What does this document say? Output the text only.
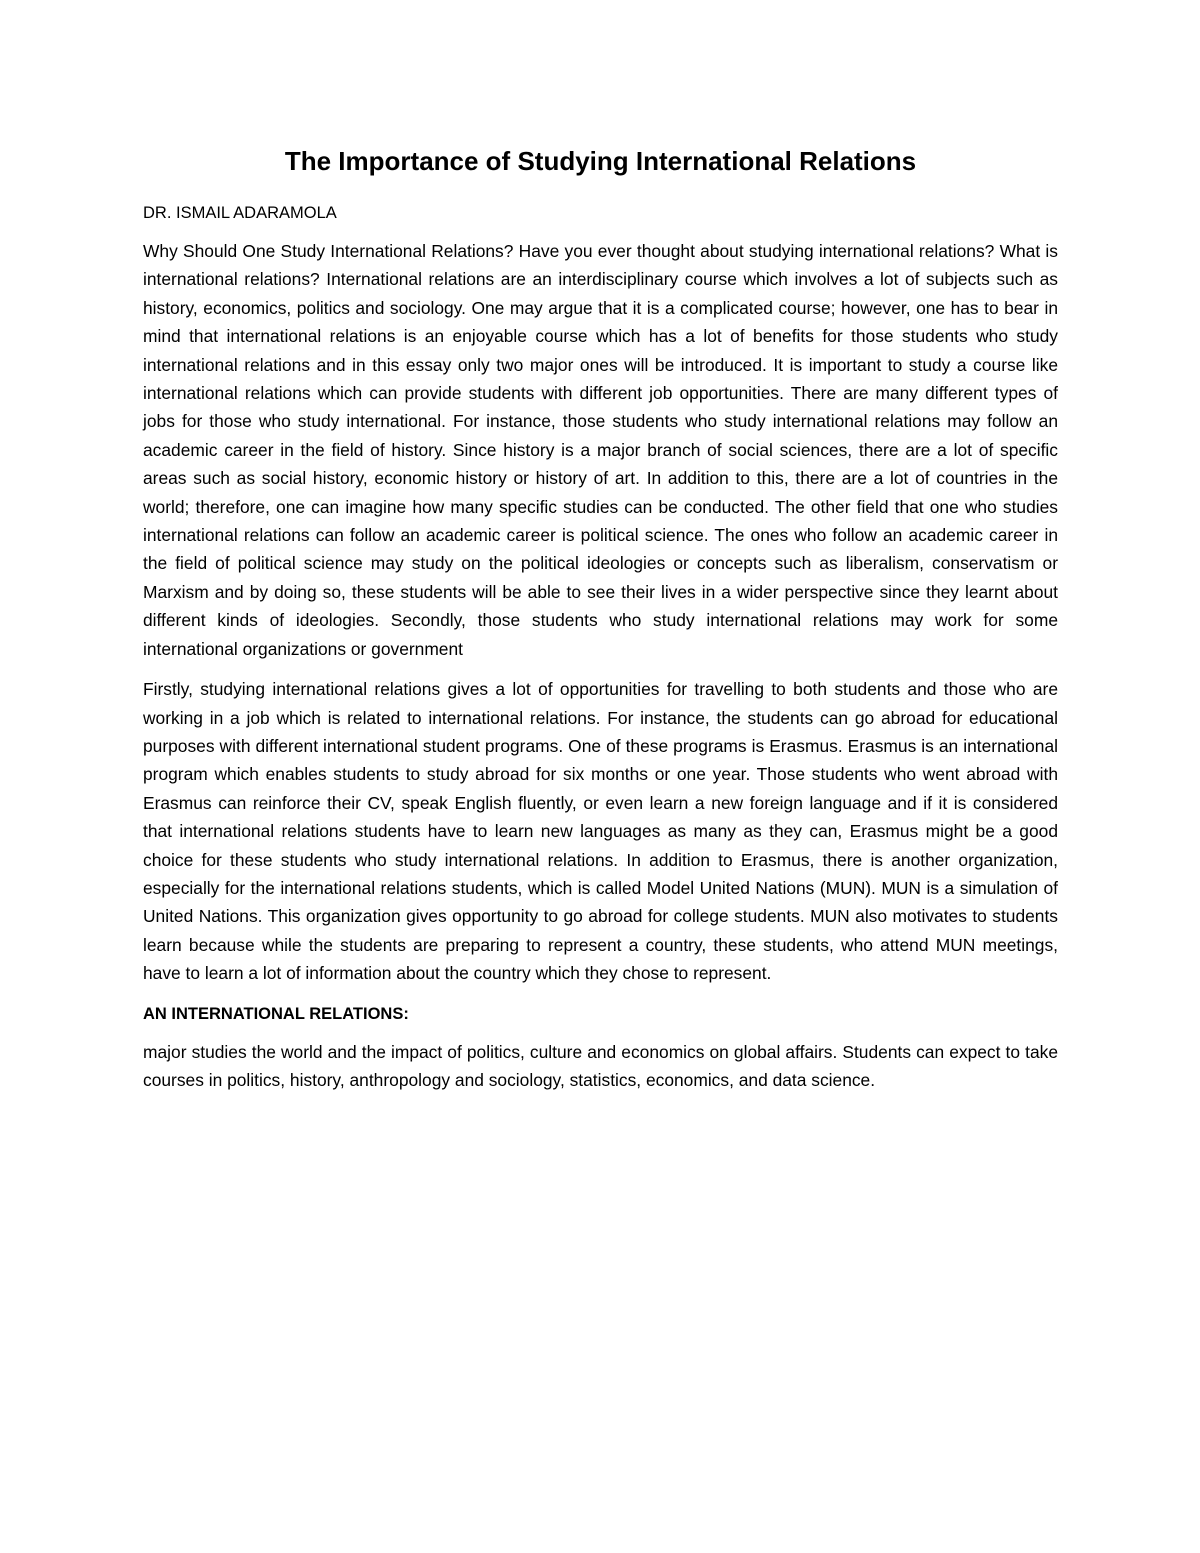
The Importance of Studying International Relations

DR. ISMAIL ADARAMOLA

Why Should One Study International Relations? Have you ever thought about studying international relations? What is international relations? International relations are an interdisciplinary course which involves a lot of subjects such as history, economics, politics and sociology. One may argue that it is a complicated course; however, one has to bear in mind that international relations is an enjoyable course which has a lot of benefits for those students who study international relations and in this essay only two major ones will be introduced. It is important to study a course like international relations which can provide students with different job opportunities. There are many different types of jobs for those who study international. For instance, those students who study international relations may follow an academic career in the field of history. Since history is a major branch of social sciences, there are a lot of specific areas such as social history, economic history or history of art. In addition to this, there are a lot of countries in the world; therefore, one can imagine how many specific studies can be conducted. The other field that one who studies international relations can follow an academic career is political science. The ones who follow an academic career in the field of political science may study on the political ideologies or concepts such as liberalism, conservatism or Marxism and by doing so, these students will be able to see their lives in a wider perspective since they learnt about different kinds of ideologies. Secondly, those students who study international relations may work for some international organizations or government

Firstly, studying international relations gives a lot of opportunities for travelling to both students and those who are working in a job which is related to international relations. For instance, the students can go abroad for educational purposes with different international student programs. One of these programs is Erasmus. Erasmus is an international program which enables students to study abroad for six months or one year. Those students who went abroad with Erasmus can reinforce their CV, speak English fluently, or even learn a new foreign language and if it is considered that international relations students have to learn new languages as many as they can, Erasmus might be a good choice for these students who study international relations. In addition to Erasmus, there is another organization, especially for the international relations students, which is called Model United Nations (MUN). MUN is a simulation of United Nations. This organization gives opportunity to go abroad for college students. MUN also motivates to students learn because while the students are preparing to represent a country, these students, who attend MUN meetings, have to learn a lot of information about the country which they chose to represent.

AN INTERNATIONAL RELATIONS:

major studies the world and the impact of politics, culture and economics on global affairs. Students can expect to take courses in politics, history, anthropology and sociology, statistics, economics, and data science.
